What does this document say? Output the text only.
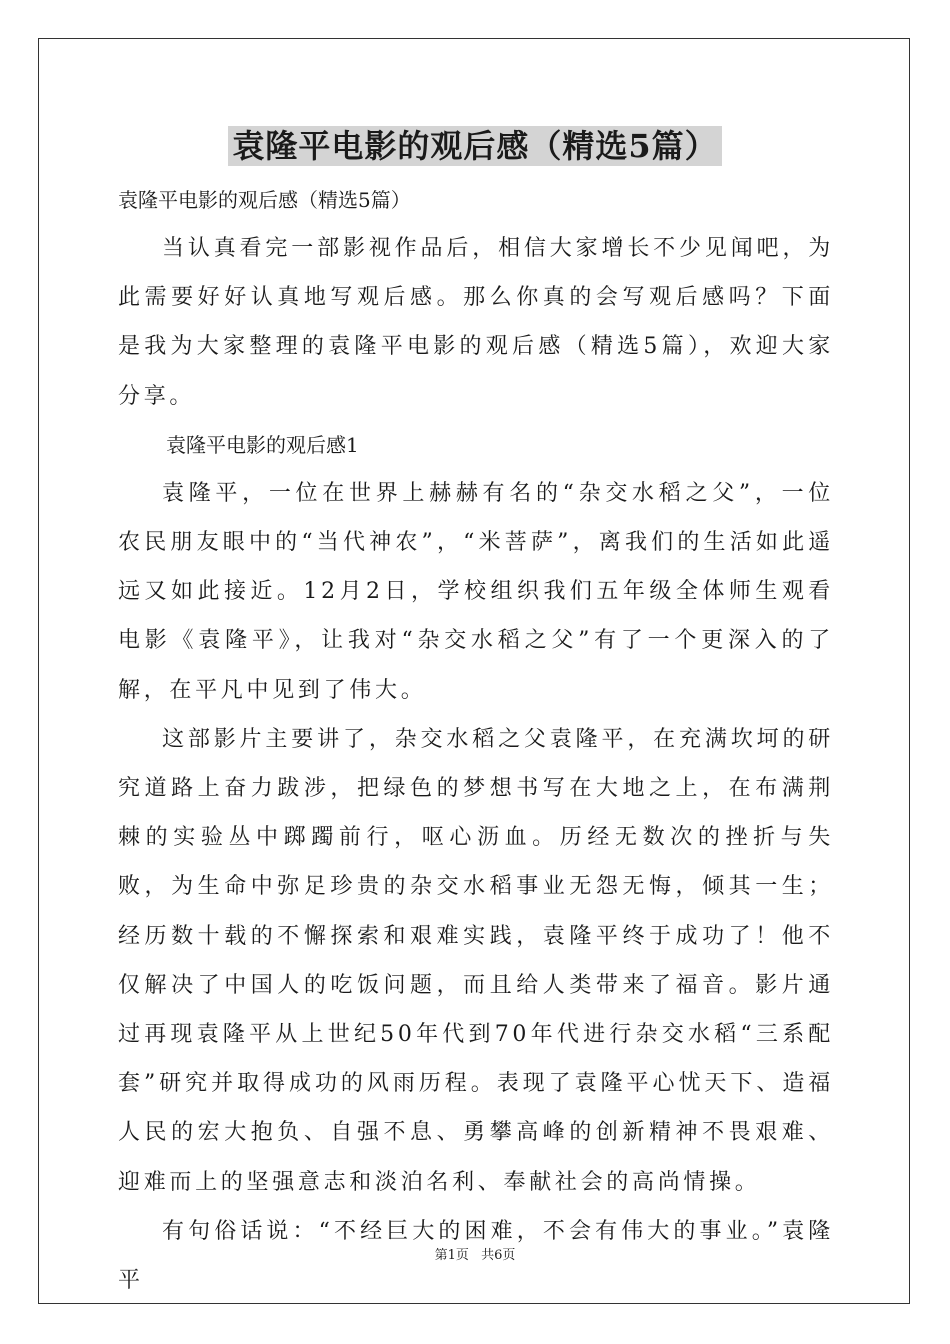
袁隆平电影的观后感（精选5篇）

袁隆平电影的观后感（精选5篇）

当认真看完一部影视作品后，相信大家增长不少见闻吧，为此需要好好认真地写观后感。那么你真的会写观后感吗？下面是我为大家整理的袁隆平电影的观后感（精选5篇），欢迎大家分享。

袁隆平电影的观后感1

袁隆平，一位在世界上赫赫有名的“杂交水稻之父”，一位农民朋友眼中的“当代神农”，“米菩萨”，离我们的生活如此遥远又如此接近。12月2日，学校组织我们五年级全体师生观看电影《袁隆平》，让我对“杂交水稻之父”有了一个更深入的了解，在平凡中见到了伟大。

这部影片主要讲了，杂交水稻之父袁隆平，在充满坎坷的研究道路上奋力跋涉，把绿色的梦想书写在大地之上，在布满荆棘的实验丛中踯躅前行，呕心沥血。历经无数次的挫折与失败，为生命中弥足珍贵的杂交水稻事业无怨无悔，倾其一生；经历数十载的不懈探索和艰难实践，袁隆平终于成功了！他不仅解决了中国人的吃饭问题，而且给人类带来了福音。影片通过再现袁隆平从上世纪50年代到70年代进行杂交水稻“三系配套”研究并取得成功的风雨历程。表现了袁隆平心忧天下、造福人民的宏大抱负、自强不息、勇攀高峰的创新精神不畏艰难、迎难而上的坚强意志和淡泊名利、奉献社会的高尚情操。

有句俗话说：“不经巨大的困难，不会有伟大的事业。”袁隆平

第1页 共6页
